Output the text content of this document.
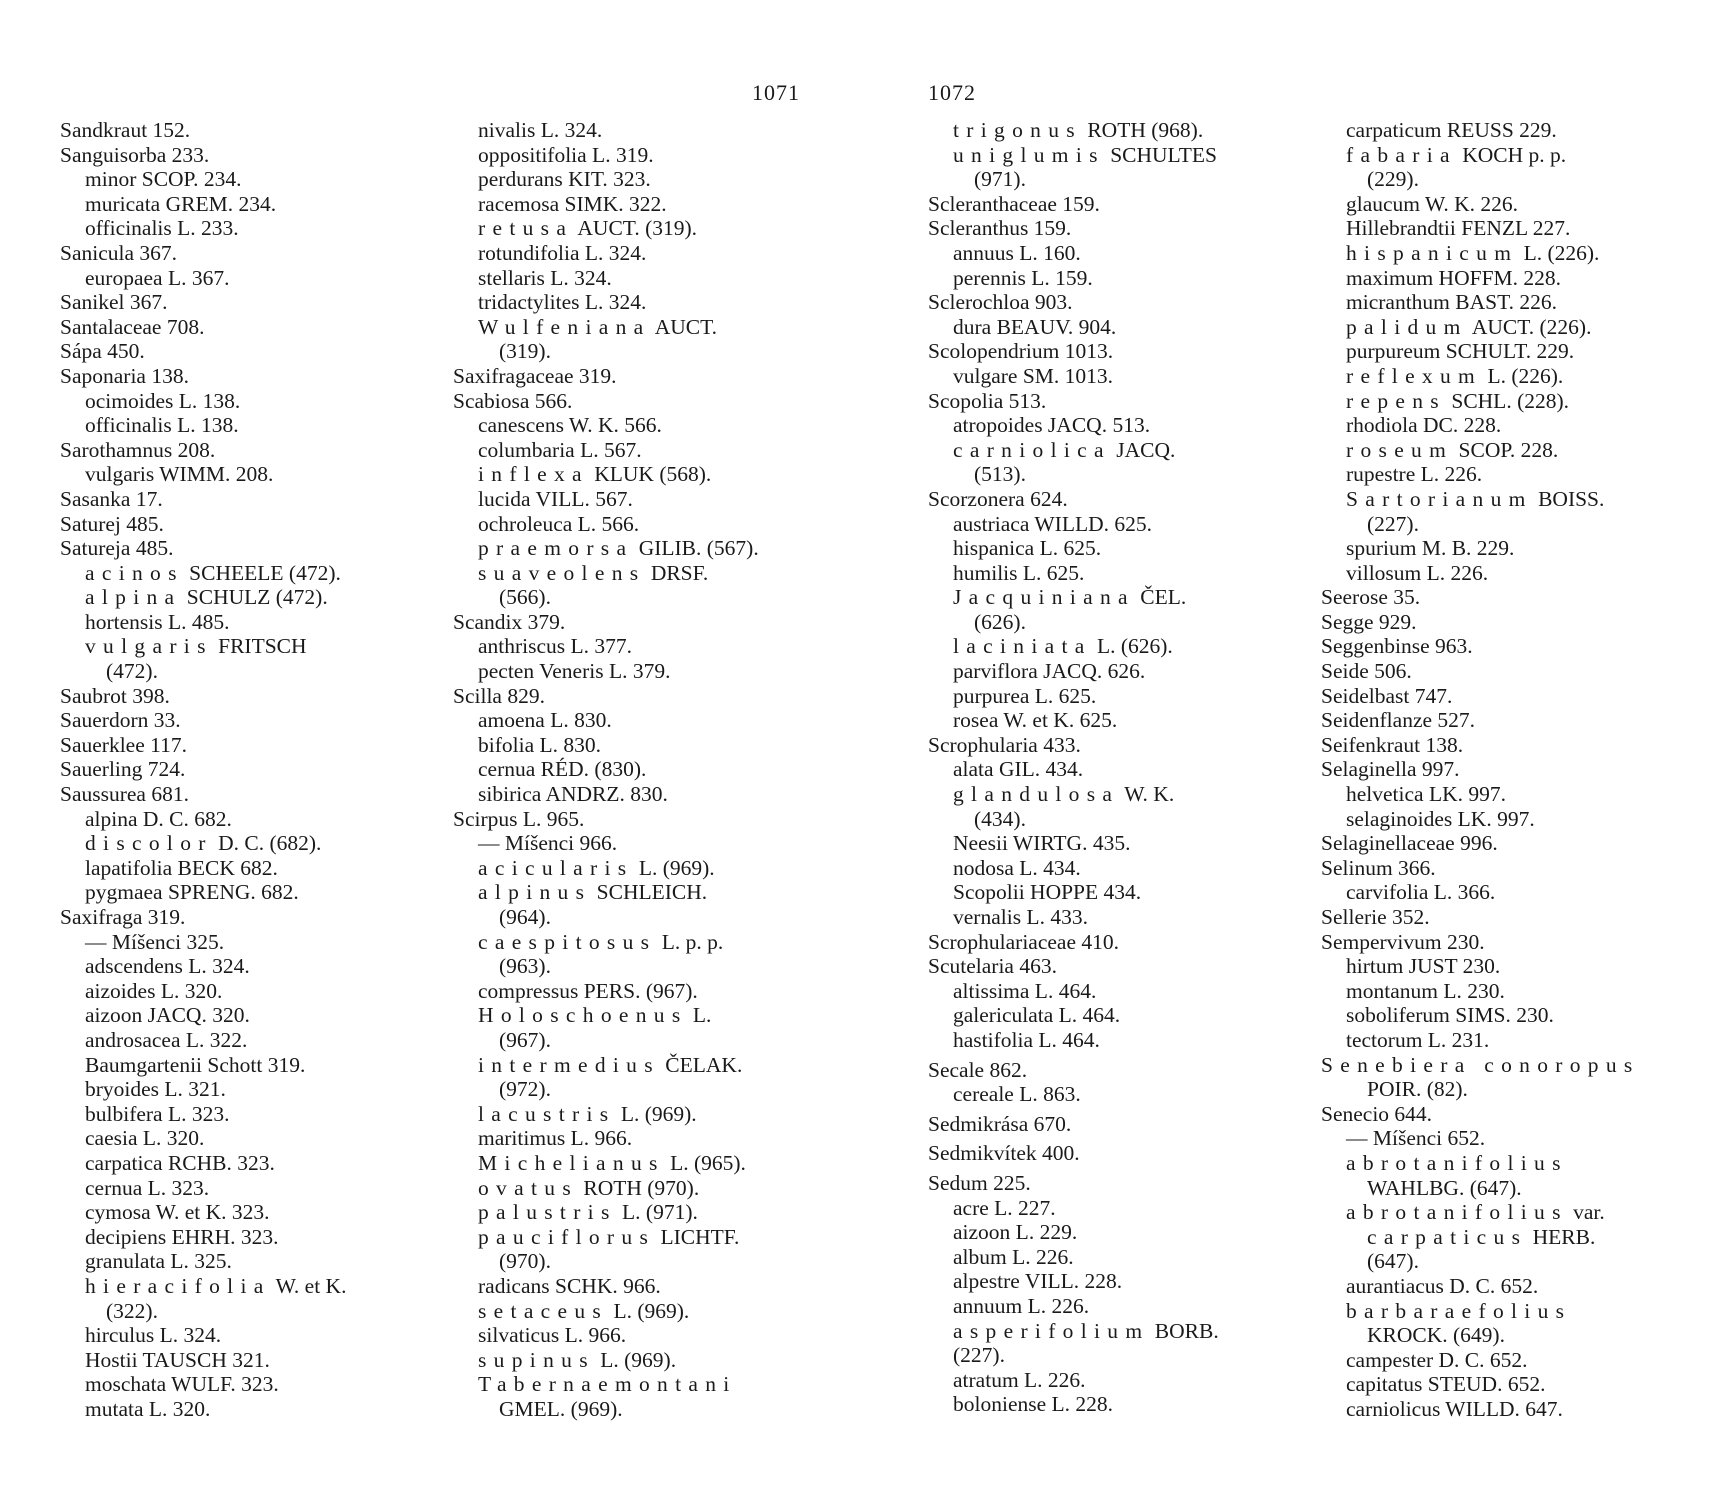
1071	1072
Sandkraut 152.
Sanguisorba 233.
minor SCOP. 234.
muricata GREM. 234.
officinalis L. 233.
Sanicula 367.
europaea L. 367.
Sanikel 367.
Santalaceae 708.
Sápa 450.
Saponaria 138.
ocimoides L. 138.
officinalis L. 138.
Sarothamnus 208.
vulgaris WIMM. 208.
Sasanka 17.
Saturej 485.
Satureja 485.
acinos SCHEELE (472).
alpina SCHULZ (472).
hortensis L. 485.
vulgaris FRITSCH
(472).
Saubrot 398.
Sauerdorn 33.
Sauerklee 117.
Sauerling 724.
Saussurea 681.
alpina D. C. 682.
discolor D. C. (682).
lapatifolia BECK 682.
pygmaea SPRENG. 682.
Saxifraga 319.
— Míšenci 325.
adscendens L. 324.
aizoides L. 320.
aizoon JACQ. 320.
androsacea L. 322.
Baumgartenii Schott 319.
bryoides L. 321.
bulbifera L. 323.
caesia L. 320.
carpatica RCHB. 323.
cernua L. 323.
cymosa W. et K. 323.
decipiens EHRH. 323.
granulata L. 325.
hieracifolia W. et K.
(322).
hirculus L. 324.
Hostii TAUSCH 321.
moschata WULF. 323.
mutata L. 320.
nivalis L. 324.
oppositifolia L. 319.
perdurans KIT. 323.
racemosa SIMK. 322.
retusa AUCT. (319).
rotundifolia L. 324.
stellaris L. 324.
tridactylites L. 324.
Wulfeniana AUCT.
(319).
Saxifragaceae 319.
Scabiosa 566.
canescens W. K. 566.
columbaria L. 567.
inflexa KLUK (568).
lucida VILL. 567.
ochroleuca L. 566.
praemorsa GILIB. (567).
suaveolens DRSF.
(566).
Scandix 379.
anthriscus L. 377.
pecten Veneris L. 379.
Scilla 829.
amoena L. 830.
bifolia L. 830.
cernua RÉD. (830).
sibirica ANDRZ. 830.
Scirpus L. 965.
— Míšenci 966.
acicularis L. (969).
alpinus SCHLEICH.
(964).
caespitosus L. p. p.
(963).
compressus PERS. (967).
Holoschoenus L.
(967).
intermedius ČELAK.
(972).
lacustris L. (969).
maritimus L. 966.
Michelianus L. (965).
ovatus ROTH (970).
palustris L. (971).
pauciflorus LICHTF.
(970).
radicans SCHK. 966.
setaceus L. (969).
silvaticus L. 966.
supinus L. (969).
Tabernaemontani
GMEL. (969).
trigonus ROTH (968).
uniglumis SCHULTES
(971).
Scleranthaceae 159.
Scleranthus 159.
annuus L. 160.
perennis L. 159.
Sclerochloa 903.
dura BEAUV. 904.
Scolopendrium 1013.
vulgare SM. 1013.
Scopolia 513.
atropoides JACQ. 513.
carniolica JACQ.
(513).
Scorzonera 624.
austriaca WILLD. 625.
hispanica L. 625.
humilis L. 625.
Jacquiniana ČEL.
(626).
laciniata L. (626).
parviflora JACQ. 626.
purpurea L. 625.
rosea W. et K. 625.
Scrophularia 433.
alata GIL. 434.
glandulosa W. K.
(434).
Neesii WIRTG. 435.
nodosa L. 434.
Scopolii HOPPE 434.
vernalis L. 433.
Scrophulariaceae 410.
Scutelaria 463.
altissima L. 464.
galericulata L. 464.
hastifolia L. 464.
Secale 862.
cereale L. 863.
Sedmikrása 670.
Sedmikvítek 400.
Sedum 225.
acre L. 227.
aizoon L. 229.
album L. 226.
alpestre VILL. 228.
annuum L. 226.
asperifolium BORB.
(227).
atratum L. 226.
boloniense L. 228.
carpaticum REUSS 229.
fabaria KOCH p. p.
(229).
glaucum W. K. 226.
Hillebrandtii FENZL 227.
hispanicum L. (226).
maximum HOFFM. 228.
micranthum BAST. 226.
palidum AUCT. (226).
purpureum SCHULT. 229.
reflexum L. (226).
repens SCHL. (228).
rhodiola DC. 228.
roseum SCOP. 228.
rupestre L. 226.
Sartorianum BOISS.
(227).
spurium M. B. 229.
villosum L. 226.
Seerose 35.
Segge 929.
Seggenbinse 963.
Seide 506.
Seidelbast 747.
Seidenflanze 527.
Seifenkraut 138.
Selaginella 997.
helvetica LK. 997.
selaginoides LK. 997.
Selaginellaceae 996.
Selinum 366.
carvifolia L. 366.
Sellerie 352.
Sempervivum 230.
hirtum JUST 230.
montanum L. 230.
soboliferum SIMS. 230.
tectorum L. 231.
Senebiera conoropus
POIR. (82).
Senecio 644.
— Míšenci 652.
abrotanifolius
WAHLBG. (647).
abrotanifolius var.
carpaticus HERB.
(647).
aurantiacus D. C. 652.
barbaraefolius
KROCK. (649).
campester D. C. 652.
capitatus STEUD. 652.
carniolicus WILLD. 647.
